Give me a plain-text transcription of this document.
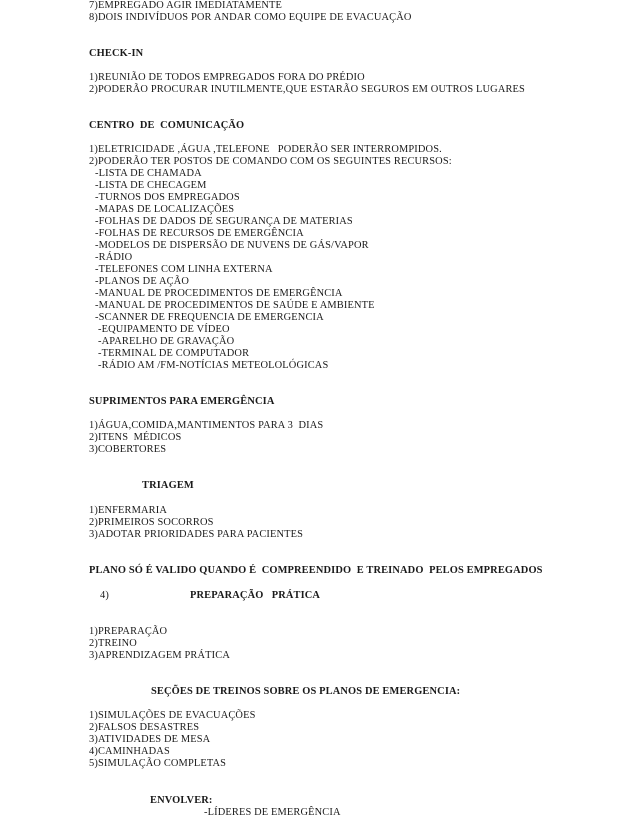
7)EMPREGADO AGIR IMEDIATAMENTE
8)DOIS INDIVÍDUOS POR ANDAR COMO EQUIPE DE EVACUAÇÃO
CHECK-IN
1)REUNIÃO DE TODOS EMPREGADOS FORA DO PRÉDIO
2)PODERÃO PROCURAR INUTILMENTE,QUE ESTARÃO SEGUROS EM OUTROS LUGARES
CENTRO  DE  COMUNICAÇÃO
1)ELETRICIDADE ,ÁGUA ,TELEFONE   PODERÃO SER INTERROMPIDOS.
2)PODERÃO TER POSTOS DE COMANDO COM OS SEGUINTES RECURSOS:
-LISTA DE CHAMADA
-LISTA DE CHECAGEM
-TURNOS DOS EMPREGADOS
-MAPAS DE LOCALIZAÇÕES
-FOLHAS DE DADOS DE SEGURANÇA DE MATERIAS
-FOLHAS DE RECURSOS DE EMERGÊNCIA
-MODELOS DE DISPERSÃO DE NUVENS DE GÁS/VAPOR
-RÁDIO
-TELEFONES COM LINHA EXTERNA
-PLANOS DE AÇÃO
-MANUAL DE PROCEDIMENTOS DE EMERGÊNCIA
-MANUAL DE PROCEDIMENTOS DE SAÚDE E AMBIENTE
-SCANNER DE FREQUENCIA DE EMERGENCIA
-EQUIPAMENTO DE VÍDEO
-APARELHO DE GRAVAÇÃO
-TERMINAL DE COMPUTADOR
-RÁDIO AM /FM-NOTÍCIAS METEOLOLÓGICAS
SUPRIMENTOS PARA EMERGÊNCIA
1)ÁGUA,COMIDA,MANTIMENTOS PARA 3  DIAS
2)ITENS  MÉDICOS
3)COBERTORES
TRIAGEM
1)ENFERMARIA
2)PRIMEIROS SOCORROS
3)ADOTAR PRIORIDADES PARA PACIENTES
PLANO SÓ É VALIDO QUANDO É  COMPREENDIDO  E TREINADO  PELOS EMPREGADOS
4)	PREPARAÇÃO   PRÁTICA
1)PREPARAÇÃO
2)TREINO
3)APRENDIZAGEM PRÁTICA
SEÇÕES DE TREINOS SOBRE OS PLANOS DE EMERGENCIA:
1)SIMULAÇÕES DE EVACUAÇÕES
2)FALSOS DESASTRES
3)ATIVIDADES DE MESA
4)CAMINHADAS
5)SIMULAÇÃO COMPLETAS
ENVOLVER:
-LÍDERES DE EMERGÊNCIA
